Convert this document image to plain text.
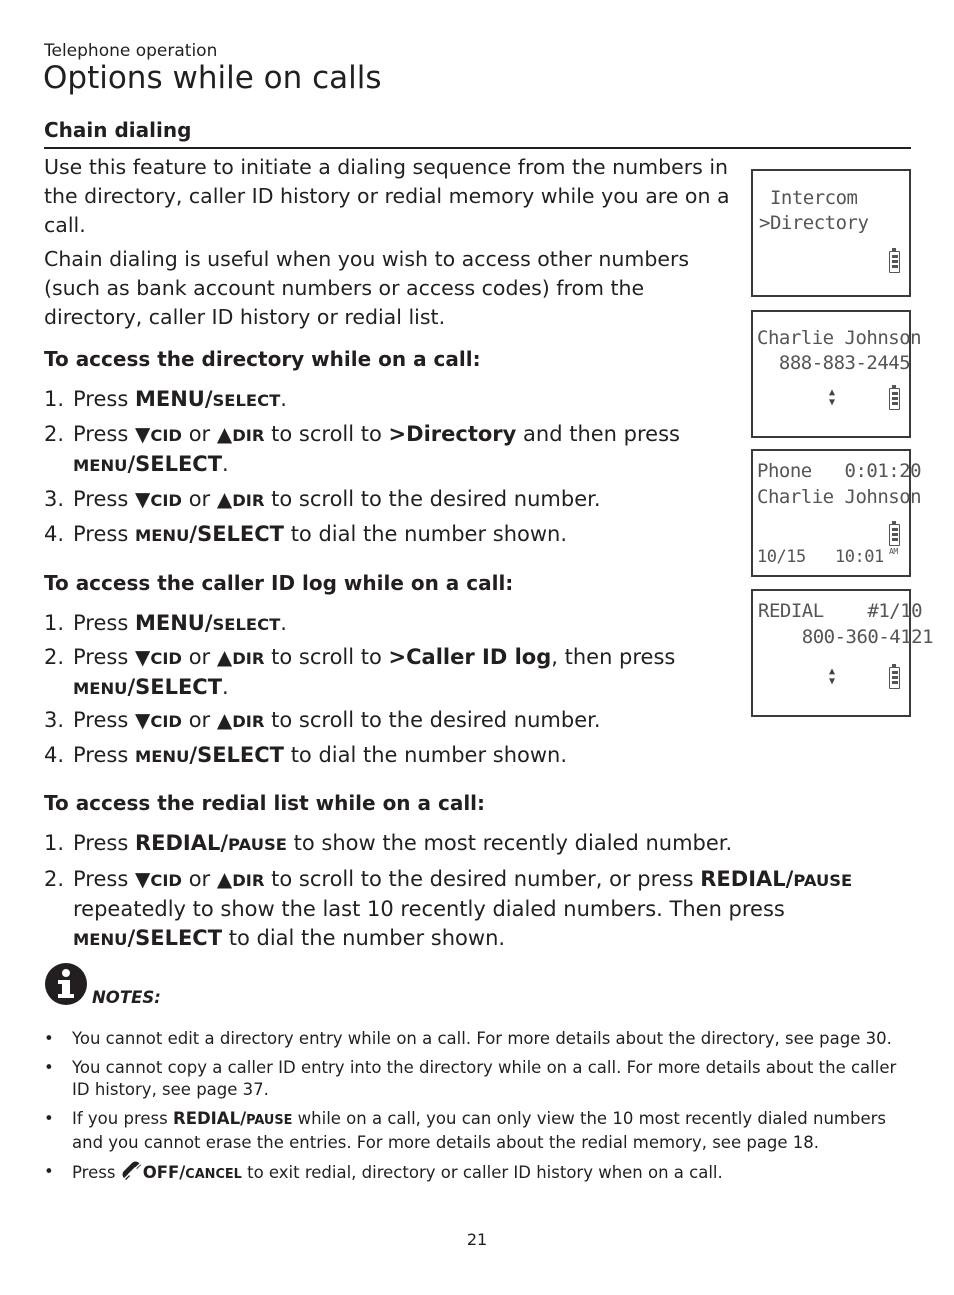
Telephone operation
Options while on calls
Chain dialing
Use this feature to initiate a dialing sequence from the numbers in the directory, caller ID history or redial memory while you are on a call.
Chain dialing is useful when you wish to access other numbers (such as bank account numbers or access codes) from the directory, caller ID history or redial list.
To access the directory while on a call:
1. Press MENU/SELECT.
2. Press ▼CID or ▲DIR to scroll to >Directory and then press
MENU/SELECT.
3. Press ▼CID or ▲DIR to scroll to the desired number.
4. Press MENU/SELECT to dial the number shown.
To access the caller ID log while on a call:
1. Press MENU/SELECT.
2. Press ▼CID or ▲DIR to scroll to >Caller ID log, then press
MENU/SELECT.
3. Press ▼CID or ▲DIR to scroll to the desired number.
4. Press MENU/SELECT to dial the number shown.
To access the redial list while on a call:
1. Press REDIAL/PAUSE to show the most recently dialed number.
2. Press ▼CID or ▲DIR to scroll to the desired number, or press REDIAL/PAUSE
repeatedly to show the last 10 recently dialed numbers. Then press
MENU/SELECT to dial the number shown.
Intercom
>Directory
Charlie Johnson
888-883-2445
▲
▼
Phone   0:01:20
Charlie Johnson
10/15 10:01 AM
REDIAL    #1/10
800-360-4121
▲
▼
NOTES:
• You cannot edit a directory entry while on a call. For more details about the directory, see page 30.
• You cannot copy a caller ID entry into the directory while on a call. For more details about the caller ID history, see page 37.
• If you press REDIAL/PAUSE while on a call, you can only view the 10 most recently dialed numbers and you cannot erase the entries. For more details about the redial memory, see page 18.
• Press OFF/CANCEL to exit redial, directory or caller ID history when on a call.
21
